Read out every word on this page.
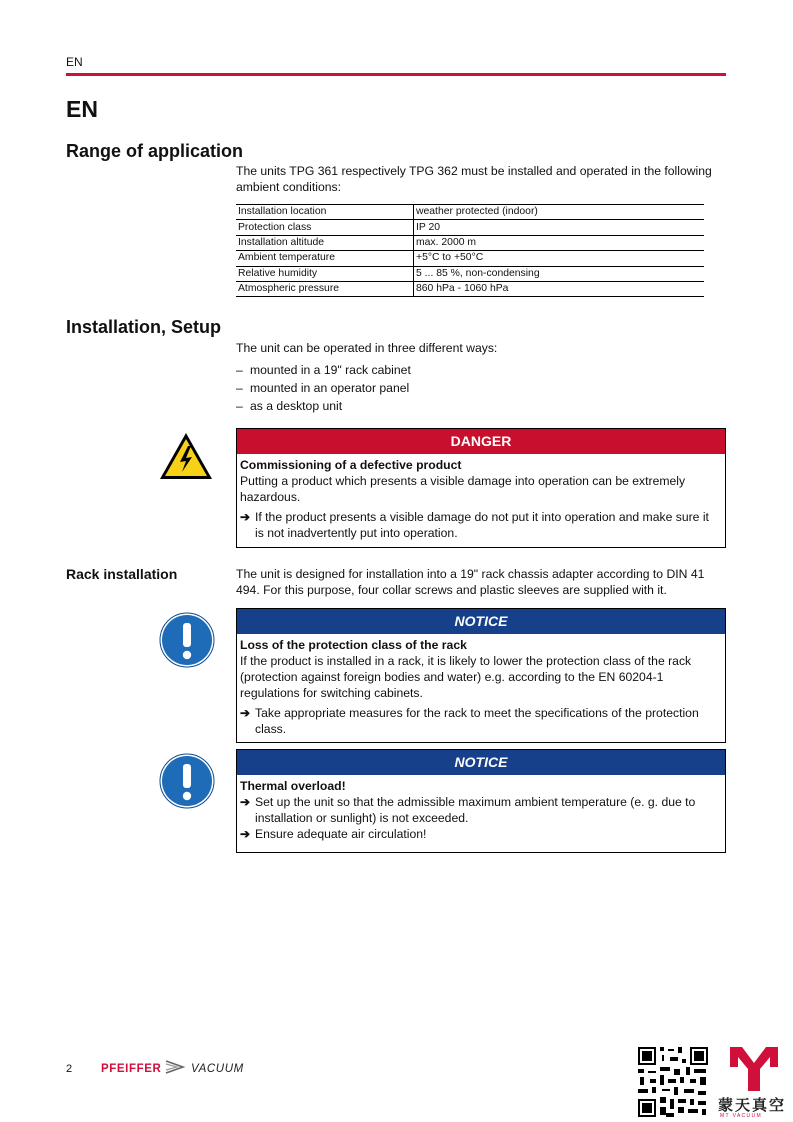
EN
EN
Range of application
The units TPG 361 respectively TPG 362 must be installed and operated in the following ambient conditions:
Installation location	weather protected (indoor)
Protection class	IP 20
Installation altitude	max. 2000 m
Ambient temperature	+5°C to +50°C
Relative humidity	5 ... 85 %, non-condensing
Atmospheric pressure	860 hPa - 1060 hPa
Installation, Setup
The unit can be operated in three different ways:
– mounted in a 19" rack cabinet
– mounted in an operator panel
– as a desktop unit
DANGER
Commissioning of a defective product
Putting a product which presents a visible damage into operation can be extremely hazardous.
➔ If the product presents a visible damage do not put it into operation and make sure it is not inadvertently put into operation.
Rack installation	The unit is designed for installation into a 19" rack chassis adapter according to DIN 41 494. For this purpose, four collar screws and plastic sleeves are supplied with it.
NOTICE
Loss of the protection class of the rack
If the product is installed in a rack, it is likely to lower the protection class of the rack (protection against foreign bodies and water) e.g. according to the EN 60204-1 regulations for switching cabinets.
➔ Take appropriate measures for the rack to meet the specifications of the protection class.
NOTICE
Thermal overload!
➔ Set up the unit so that the admissible maximum ambient temperature (e. g. due to installation or sunlight) is not exceeded.
➔ Ensure adequate air circulation!
2	PFEIFFER	VACUUM
蒙天真空
M T   V A C U U M
